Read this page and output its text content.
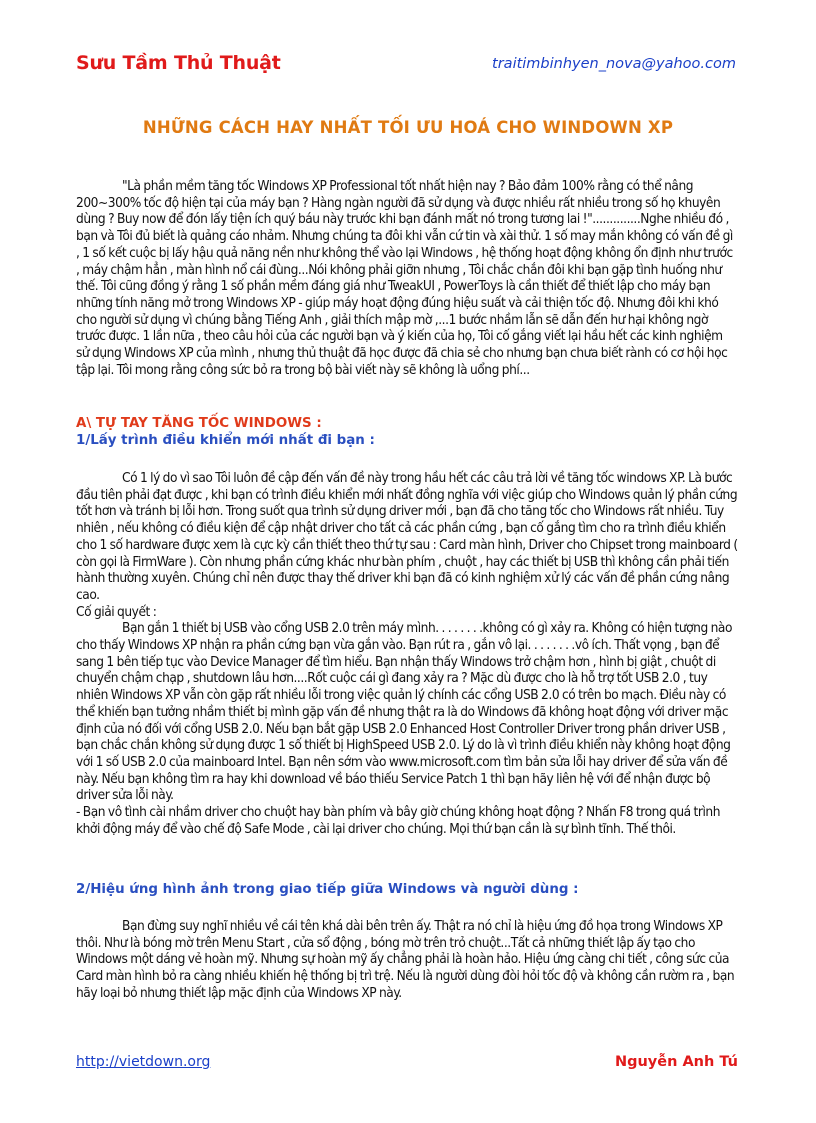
Sưu Tầm Thủ Thuật	traitimbinhyen_nova@yahoo.com
NHỮNG CÁCH HAY NHẤT TỐI ƯU HOÁ CHO WINDOWN XP

"Là phần mềm tăng tốc Windows XP Professional tốt nhất hiện nay ? Bảo đảm 100% rằng có thể nâng 200~300% tốc độ hiện tại của máy bạn ? Hàng ngàn người đã sử dụng và được nhiều rất nhiều trong số họ khuyên dùng ? Buy now để đón lấy tiện ích quý báu này trước khi bạn đánh mất nó trong tương lai !"..............Nghe nhiều đó , bạn và Tôi đủ biết là quảng cáo nhảm. Nhưng chúng ta đôi khi vẫn cứ tin và xài thử. 1 số may mắn không có vấn đề gì , 1 số kết cuộc bị lấy hậu quả năng nền như không thể vào lại Windows , hệ thống hoạt động không ổn định như trước , máy chậm hẳn , màn hình nổ cái đùng...Nói không phải giỡn nhưng , Tôi chắc chắn đôi khi bạn gặp tình huống như thế. Tôi cũng đồng ý rằng 1 số phần mềm đáng giá như TweakUI , PowerToys là cần thiết để thiết lập cho máy bạn những tính năng mở trong Windows XP - giúp máy hoạt động đúng hiệu suất và cải thiện tốc độ. Nhưng đôi khi khó cho người sử dụng vì chúng bằng Tiếng Anh , giải thích mập mờ ,...1 bước nhầm lẫn sẽ dẫn đến hư hại không ngờ trước được. 1 lần nữa , theo câu hỏi của các người bạn và ý kiến của họ, Tôi cố gắng viết lại hầu hết các kinh nghiệm sử dụng Windows XP của mình , nhưng thủ thuật đã học được đã chia sẻ cho nhưng bạn chưa biết rành có cơ hội học tập lại. Tôi mong rằng công sức bỏ ra trong bộ bài viết này sẽ không là uổng phí...

A\ TỰ TAY TĂNG TỐC WINDOWS :
1/Lấy trình điều khiển mới nhất đi bạn :

Có 1 lý do vì sao Tôi luôn đề cập đến vấn đề này trong hầu hết các câu trả lời về tăng tốc windows XP. Là bước đầu tiên phải đạt được , khi bạn có trình điều khiển mới nhất đồng nghĩa với việc giúp cho Windows quản lý phần cứng tốt hơn và tránh bị lỗi hơn. Trong suốt qua trình sử dụng driver mới , bạn đã cho tăng tốc cho Windows rất nhiều. Tuy nhiên , nếu không có điều kiện để cập nhật driver cho tất cả các phần cứng , bạn cố gắng tìm cho ra trình điều khiển cho 1 số hardware được xem là cực kỳ cần thiết theo thứ tự sau : Card màn hình, Driver cho Chipset trong mainboard ( còn gọi là FirmWare ). Còn nhưng phần cứng khác như bàn phím , chuột , hay các thiết bị USB thì không cần phải tiến hành thường xuyên. Chúng chỉ nên được thay thế driver khi bạn đã có kinh nghiệm xử lý các vấn đề phần cứng nâng cao.

Cố giải quyết :

Bạn gắn 1 thiết bị USB vào cổng USB 2.0 trên máy mình. . . . . . . .không có gì xảy ra. Không có hiện tượng nào cho thấy Windows XP nhận ra phần cứng bạn vừa gắn vào. Bạn rút ra , gắn vô lại. . . . . . . .vô ích. Thất vọng , bạn để sang 1 bên tiếp tục vào Device Manager để tìm hiểu. Bạn nhận thấy Windows trở chậm hơn , hình bị giật , chuột di chuyển chậm chạp , shutdown lâu hơn....Rốt cuộc cái gì đang xảy ra ? Mặc dù được cho là hỗ trợ tốt USB 2.0 , tuy nhiên Windows XP vẫn còn gặp rất nhiều lỗi trong việc quản lý chính các cổng USB 2.0 có trên bo mạch. Điều này có thể khiến bạn tưởng nhầm thiết bị mình gặp vấn đề nhưng thật ra là do Windows đã không hoạt động với driver mặc định của nó đối với cổng USB 2.0. Nếu bạn bắt gặp USB 2.0 Enhanced Host Controller Driver trong phần driver USB , bạn chắc chắn không sử dụng được 1 số thiết bị HighSpeed USB 2.0. Lý do là vì trình điều khiển này không hoạt động với 1 số USB 2.0 của mainboard Intel. Bạn nên sớm vào www.microsoft.com tìm bản sửa lỗi hay driver để sửa vấn đề này. Nếu bạn không tìm ra hay khi download về báo thiếu Service Patch 1 thì bạn hãy liên hệ với để nhận được bộ driver sửa lỗi này.

- Bạn vô tình cài nhầm driver cho chuột hay bàn phím và bây giờ chúng không hoạt động ? Nhấn F8 trong quá trình khởi động máy để vào chế độ Safe Mode , cài lại driver cho chúng. Mọi thứ bạn cần là sự bình tĩnh. Thế thôi.

2/Hiệu ứng hình ảnh trong giao tiếp giữa Windows và người dùng :

Bạn đừng suy nghĩ nhiều về cái tên khá dài bên trên ấy. Thật ra nó chỉ là hiệu ứng đồ họa trong Windows XP thôi. Như là bóng mờ trên Menu Start , cửa sổ động , bóng mờ trên trỏ chuột...Tất cả những thiết lập ấy tạo cho Windows một dáng vẻ hoàn mỹ. Nhưng sự hoàn mỹ ấy chẳng phải là hoàn hảo. Hiệu ứng càng chi tiết , công sức của Card màn hình bỏ ra càng nhiều khiến hệ thống bị trì trệ. Nếu là người dùng đòi hỏi tốc độ và không cần rườm ra , bạn hãy loại bỏ nhưng thiết lập mặc định của Windows XP này.

http://vietdown.org	Nguyễn Anh Tú
